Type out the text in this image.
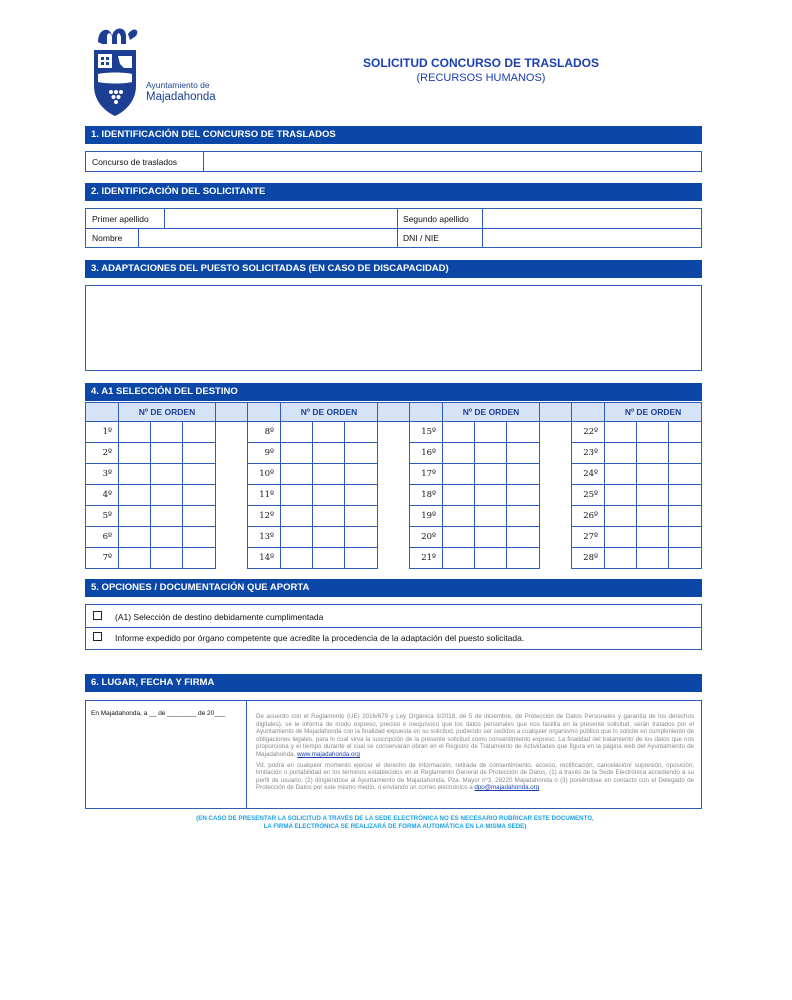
Ayuntamiento de
Majadahonda
SOLICITUD CONCURSO DE TRASLADOS
(RECURSOS HUMANOS)
1. IDENTIFICACIÓN DEL CONCURSO DE TRASLADOS
Concurso de traslados
2. IDENTIFICACIÓN DEL SOLICITANTE
Primer apellido	Segundo apellido
Nombre	DNI / NIE
3. ADAPTACIONES DEL PUESTO SOLICITADAS (EN CASO DE DISCAPACIDAD)
4. A1 SELECCIÓN DEL DESTINO
	Nº DE ORDEN					Nº DE ORDEN					Nº DE ORDEN					Nº DE ORDEN		
1º					8º					15º					22º			
2º					9º					16º					23º			
3º					10º					17º					24º			
4º					11º					18º					25º			
5º					12º					19º					26º			
6º					13º					20º					27º			
7º					14º					21º					28º			
5. OPCIONES / DOCUMENTACIÓN QUE APORTA
(A1) Selección de destino debidamente cumplimentada
Informe expedido por órgano competente que acredite la procedencia de la adaptación del puesto solicitada.
6. LUGAR, FECHA Y FIRMA
En Majadahonda, a __ de ________ de 20___	De acuerdo con el Reglamento (UE) 2016/679 y Ley Orgánica 3/2018, de 5 de diciembre, de Protección de Datos Personales y garantía de los derechos digitales), se le informa de modo expreso, preciso e inequívoco que los datos personales que nos facilita en la presente solicitud, serán tratados por el Ayuntamiento de Majadahonda con la finalidad expuesta en su solicitud, pudiendo ser cedidos a cualquier organismo público que lo solicite en cumplimiento de obligaciones legales, para lo cual sirva la suscripción de la presente solicitud como consentimiento expreso. La finalidad del tratamiento de los datos que nos proporciona y el tiempo durante el cual se conservarán obran en el Registro de Tratamiento de Actividades que figura en la página web del Ayuntamiento de Majadahonda, www.majadahonda.org

Vd. podrá en cualquier momento ejercer el derecho de información, retirada de consentimiento, acceso, rectificación, cancelación/ supresión, oposición, limitación o portabilidad en los términos establecidos en el Reglamento General de Protección de Datos, (1) a través de la Sede Electrónica accediendo a su perfil de usuario, (2) dirigiéndose al Ayuntamiento de Majadahonda, Pza. Mayor nº3, 28220 Majadahonda o (3) poniéndose en contacto con el Delegado de Protección de Datos por este mismo medio, o enviando un correo electrónico a dpo@majadahonda.org

(EN CASO DE PRESENTAR LA SOLICITUD A TRAVÉS DE LA SEDE ELECTRÓNICA NO ES NECESARIO RUBRICAR ESTE DOCUMENTO,
LA FIRMA ELECTRÓNICA SE REALIZARÁ DE FORMA AUTOMÁTICA EN LA MISMA SEDE)
